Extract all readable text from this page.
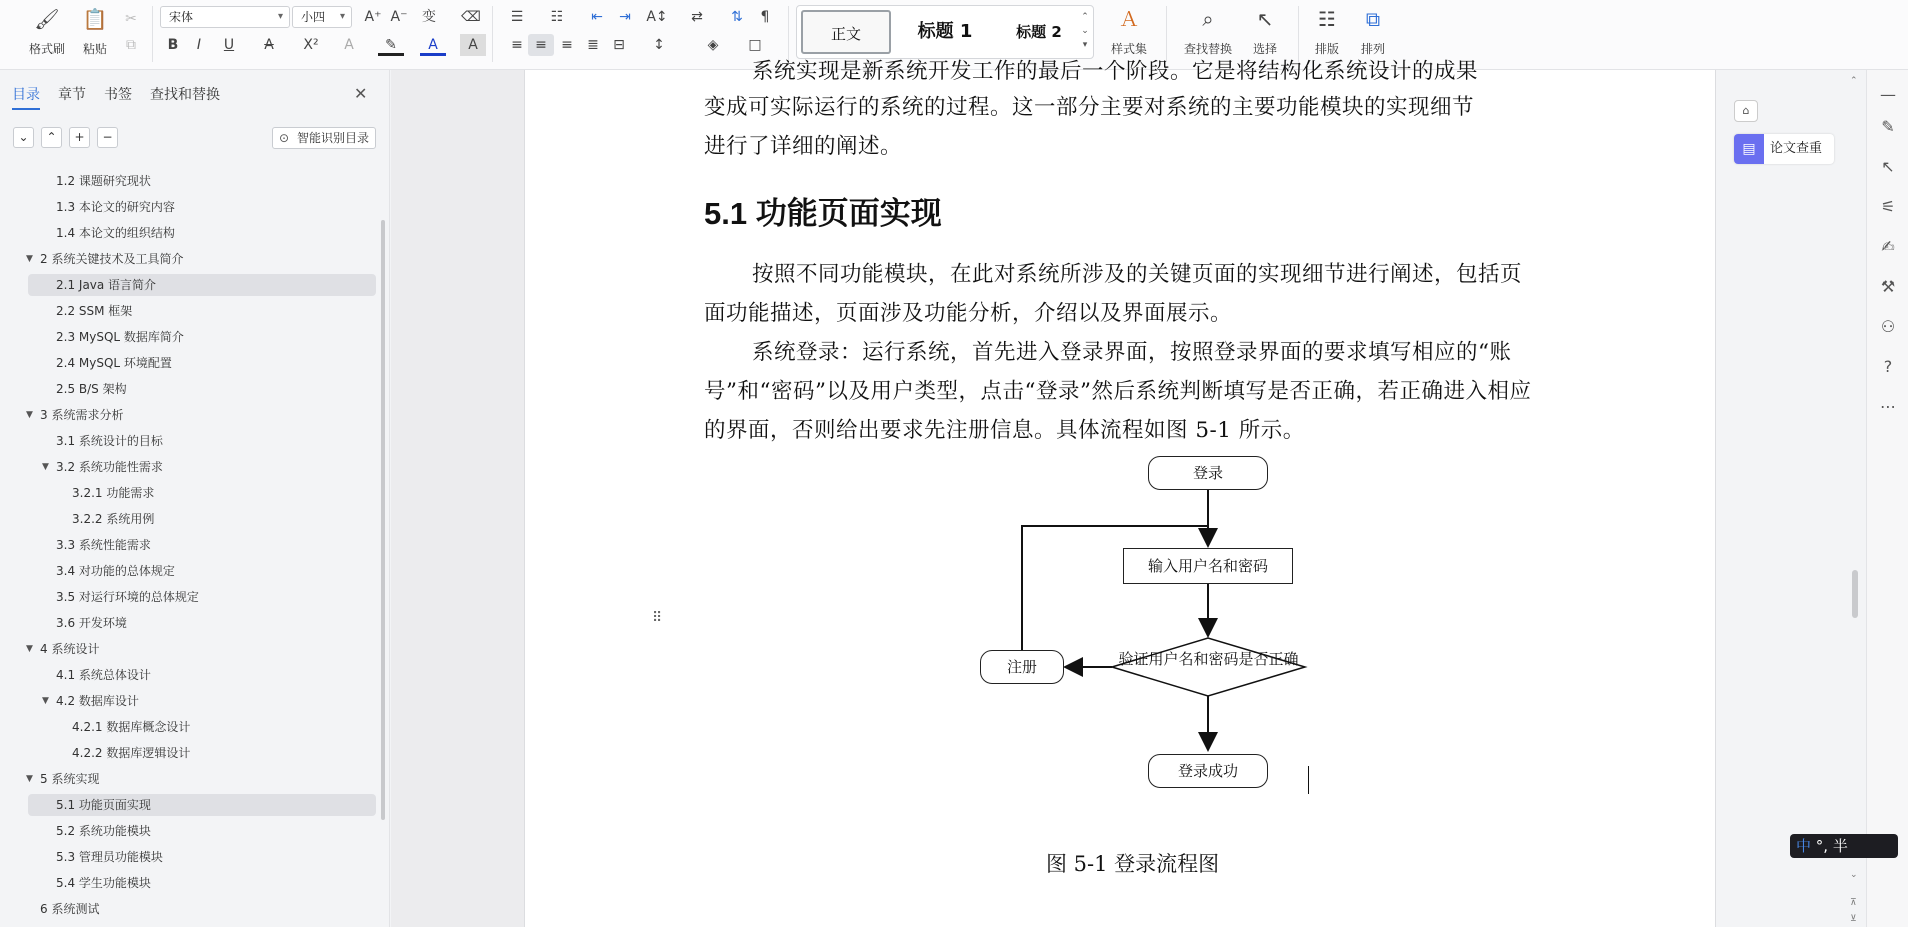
🖌
格式刷
📋
粘贴
✂
⧉
宋体	▾	小四 ▾	A⁺ A⁻	变	⌫
B	I	U	A	X²	A	✎	A	A
☰	☷	⇤	⇥	A↕	⇄	⇅	¶
≡ ≡	≡	≣	⊟	↕	◈	□
正文	标题 1	标题 2
⌃
⌄
▾
Ａ
样式集
⌕
查找替换
↖
选择
☷
排版
⧉
排列
目录 章节 书签 查找和替换	✕
⌄	⌃	+	−	⊙ 智能识别目录
1.2 课题研究现状
1.3 本论文的研究内容
1.4 本论文的组织结构
▼ 2 系统关键技术及工具简介
2.1 Java 语言简介
2.2 SSM 框架
2.3 MySQL 数据库简介
2.4 MySQL 环境配置
2.5 B/S 架构
▼ 3 系统需求分析
3.1 系统设计的目标
▼ 3.2 系统功能性需求
3.2.1 功能需求
3.2.2 系统用例
3.3 系统性能需求
3.4 对功能的总体规定
3.5 对运行环境的总体规定
3.6 开发环境
▼ 4 系统设计
4.1 系统总体设计
▼ 4.2 数据库设计
4.2.1 数据库概念设计
4.2.2 数据库逻辑设计
▼ 5 系统实现
5.1 功能页面实现
5.2 系统功能模块
5.3 管理员功能模块
5.4 学生功能模块
6 系统测试
系统实现是新系统开发工作的最后一个阶段。它是将结构化系统设计的成果
变成可实际运行的系统的过程。这一部分主要对系统的主要功能模块的实现细节
进行了详细的阐述。
5.1 功能页面实现
按照不同功能模块，在此对系统所涉及的关键页面的实现细节进行阐述，包括页面功能描述，页面涉及功能分析，介绍以及界面展示。
系统登录：运行系统，首先进入登录界面，按照登录界面的要求填写相应的“账号”和“密码”以及用户类型，点击“登录”然后系统判断填写是否正确，若正确进入相应的界面，否则给出要求先注册信息。具体流程如图 5-1 所示。
⠿
登录
输入用户名和密码
验证用户名和密码是否正确
注册
登录成功
图 5-1 登录流程图
⌂
▤	论文查重
⌃
⌄
⊼
⊻
—
✎
↖
⚟
✍
⚒
⚇
?
⋯
中 °, 半
